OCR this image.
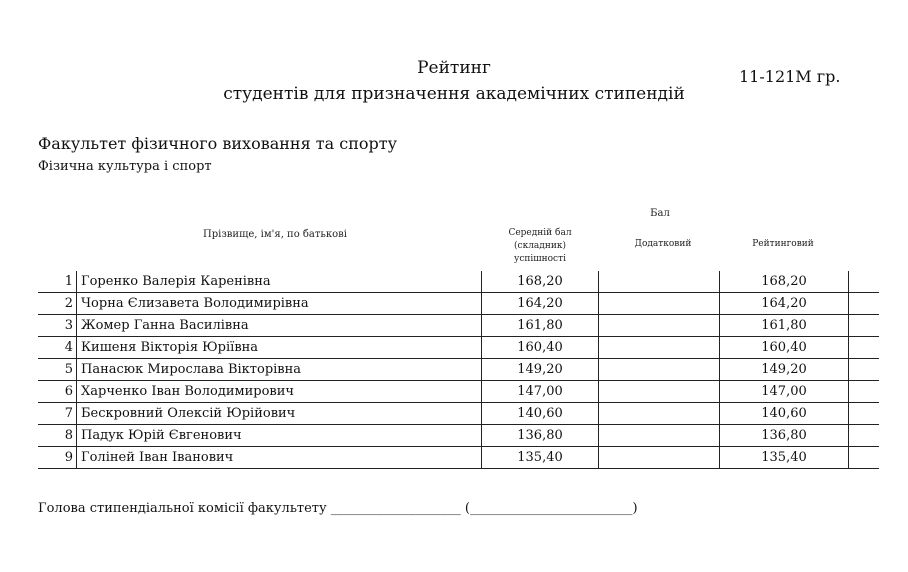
Рейтинг
студентів для призначення академічних стипендій
11-121М гр.
Факультет фізичного виховання та спорту
Фізична культура і спорт
Прізвище, ім'я, по батькові
Бал
Середній бал (складник) успішності
Додатковий	Рейтинговий
1	Горенко Валерія Каренівна	168,20		168,20	
2	Чорна Єлизавета Володимирівна	164,20		164,20	
3	Жомер Ганна Василівна	161,80		161,80	
4	Кишеня Вікторія Юріївна	160,40		160,40	
5	Панасюк Мирослава Вікторівна	149,20		149,20	
6	Харченко Іван Володимирович	147,00		147,00	
7	Бескровний Олексій Юрійович	140,60		140,60	
8	Падук Юрій Євгенович	136,80		136,80	
9	Голіней Іван Іванович	135,40		135,40	
Голова стипендіальної комісії факультету ____________________ (_________________________)
